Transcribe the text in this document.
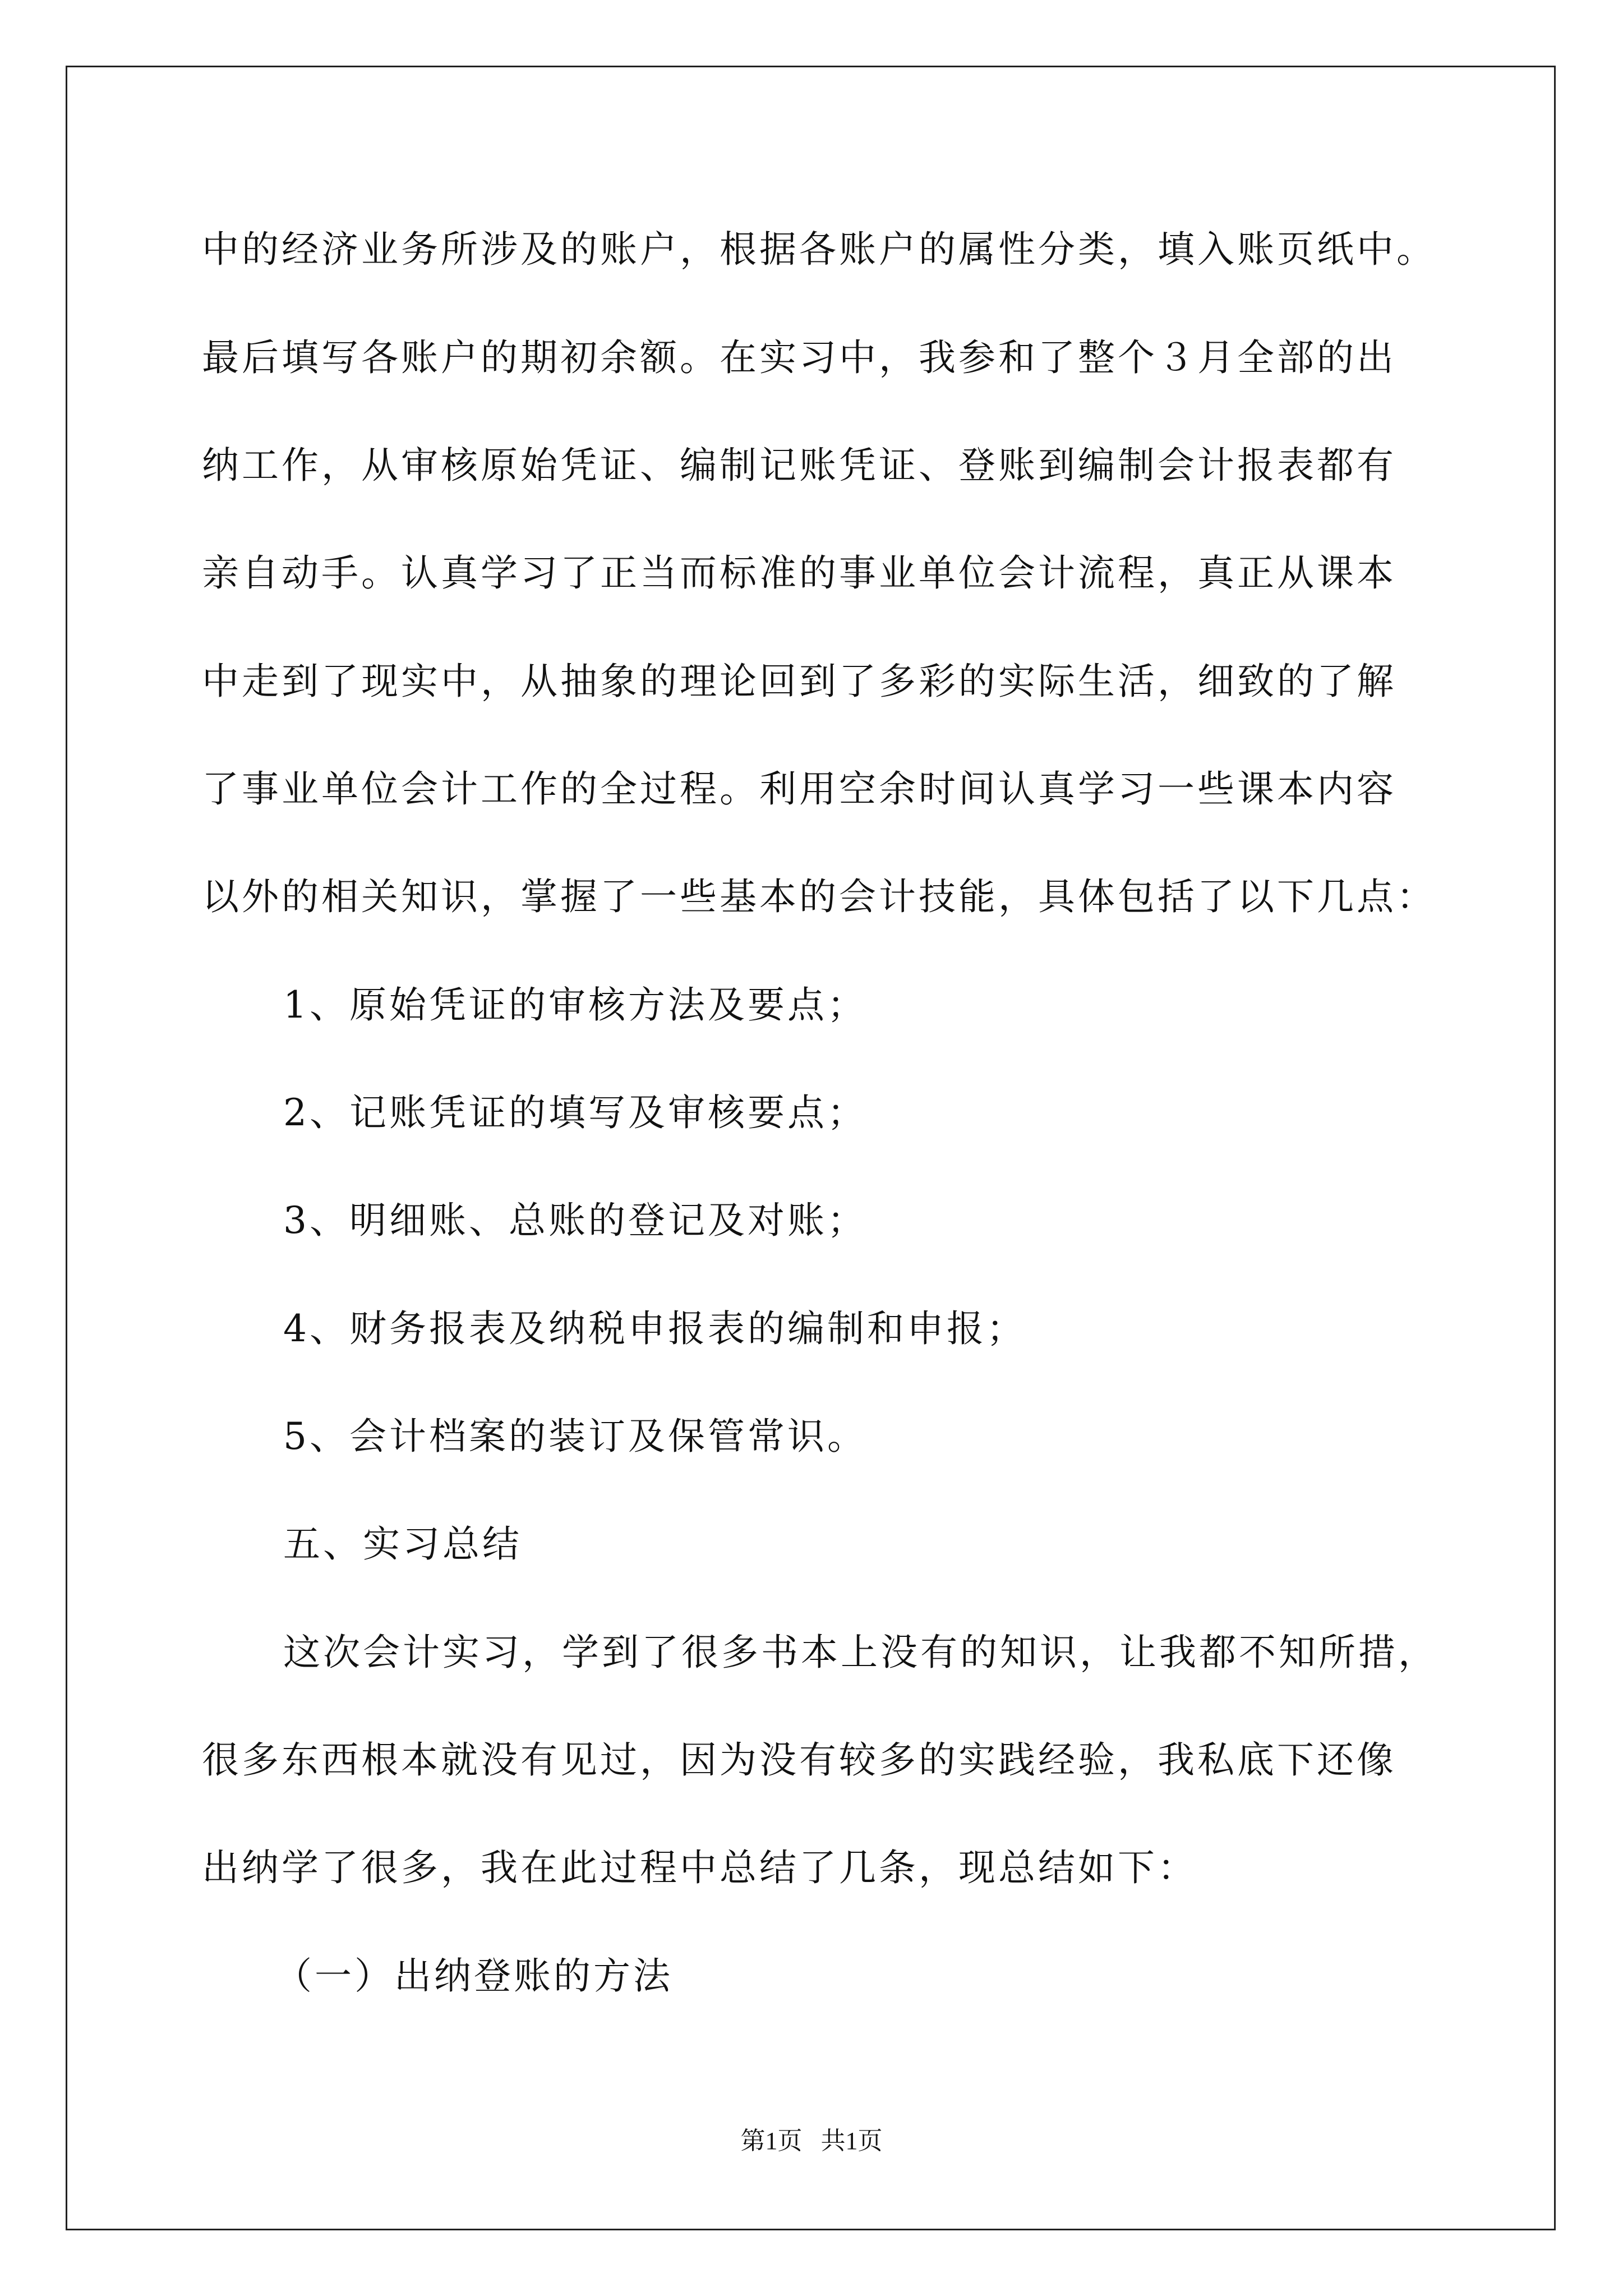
中的经济业务所涉及的账户，根据各账户的属性分类，填入账页纸中。
最后填写各账户的期初余额。在实习中，我参和了整个３月全部的出
纳工作，从审核原始凭证、编制记账凭证、登账到编制会计报表都有
亲自动手。认真学习了正当而标准的事业单位会计流程，真正从课本
中走到了现实中，从抽象的理论回到了多彩的实际生活，细致的了解
了事业单位会计工作的全过程。利用空余时间认真学习一些课本内容
以外的相关知识，掌握了一些基本的会计技能，具体包括了以下几点：
1、原始凭证的审核方法及要点；
2、记账凭证的填写及审核要点；
3、明细账、总账的登记及对账；
4、财务报表及纳税申报表的编制和申报；
5、会计档案的装订及保管常识。
五、实习总结
这次会计实习，学到了很多书本上没有的知识，让我都不知所措，
很多东西根本就没有见过，因为没有较多的实践经验，我私底下还像
出纳学了很多，我在此过程中总结了几条，现总结如下：
（一）出纳登账的方法
第1页   共1页
